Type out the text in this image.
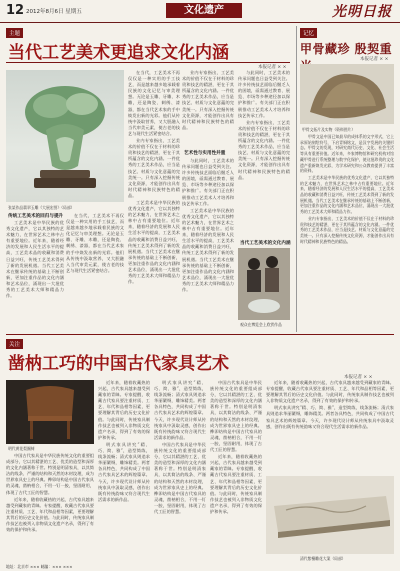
12 2012年8月6日 星期五	文化遗产	光明日报
主题
当代工艺美术更追求文化内涵
本报记者 × ×
张某作品翡翠玉雕《大展宏图》（局部）
传统工艺美术的回归与提升

工艺美术是中华民族的优秀文化遗产，它以其独特的艺术魅力，在世界艺术之林中占有重要地位。近年来，随着经济的发展和人民生活水平的提高，工艺美术品的收藏和消费日益兴旺，传统工艺美术得到了新的发展机遇。当代工艺美术在继承传统的基础上不断创新，更加注重作品的文化内涵和艺术品位，涌现出一大批优秀的工艺美术大师和精品力作。

在当代，工艺美术不再仅仅是一种实用的手工技艺，而是越来越多地承载着民族的文化记忆与审美理想。无论是玉雕、牙雕、木雕，还是陶瓷、刺绣、漆器，都在当代艺术家的手中焕发出新的光彩。他们从传统中汲取营养，又大胆融入当代审美元素，使古老的技艺与现代生活紧密结合。

在当代，工艺美术不再仅仅是一种实用的手工技艺，而是越来越多地承载着民族的文化记忆与审美理想。无论是玉雕、牙雕、木雕，还是陶瓷、刺绣、漆器，都在当代艺术家的手中焕发出新的光彩。他们从传统中汲取营养，又大胆融入当代审美元素，使古老的技艺与现代生活紧密结合。

业内专家指出，工艺美术的价值不仅在于材料的珍贵和技艺的精湛，更在于其所蕴含的文化内涵。一件优秀的工艺美术作品，应当是技艺、材质与文化意蕴的完美统一。只有深入挖掘传统文化资源，才能创作出具有时代精神和民族特色的精品。

工艺美术是中华民族的优秀文化遗产，它以其独特的艺术魅力，在世界艺术之林中占有重要地位。近年来，随着经济的发展和人民生活水平的提高，工艺美术品的收藏和消费日益兴旺，传统工艺美术得到了新的发展机遇。当代工艺美术在继承传统的基础上不断创新，更加注重作品的文化内涵和艺术品位，涌现出一大批优秀的工艺美术大师和精品力作。

艺术性与实用性并重

业内专家指出，工艺美术的价值不仅在于材料的珍贵和技艺的精湛，更在于其所蕴含的文化内涵。一件优秀的工艺美术作品，应当是技艺、材质与文化意蕴的完美统一。只有深入挖掘传统文化资源，才能创作出具有时代精神和民族特色的精品。

与此同时，工艺美术的传承问题也日益受到关注。许多传统技艺面临后继乏人的困境，亟需通过教育、展览、市场等多种途径加以保护和推广。有关部门正在积极推动工艺美术人才培养和技艺传承工作。

工艺美术是中华民族的优秀文化遗产，它以其独特的艺术魅力，在世界艺术之林中占有重要地位。近年来，随着经济的发展和人民生活水平的提高，工艺美术品的收藏和消费日益兴旺，传统工艺美术得到了新的发展机遇。当代工艺美术在继承传统的基础上不断创新，更加注重作品的文化内涵和艺术品位，涌现出一大批优秀的工艺美术大师和精品力作。

与此同时，工艺美术的传承问题也日益受到关注。许多传统技艺面临后继乏人的困境，亟需通过教育、展览、市场等多种途径加以保护和推广。有关部门正在积极推动工艺美术人才培养和技艺传承工作。

业内专家指出，工艺美术的价值不仅在于材料的珍贵和技艺的精湛，更在于其所蕴含的文化内涵。一件优秀的工艺美术作品，应当是技艺、材质与文化意蕴的完美统一。只有深入挖掘传统文化资源，才能创作出具有时代精神和民族特色的精品。

当代工艺美术的文化内涵
观众在博览会上欣赏作品
记忆
甲骨藏珍 殷契重
本报记者 × ×
甲骨文拓片及实物（资料图片）

甲骨文是中国已知最早的成体系的文字形式，它上承原始刻绘符号，下启青铜铭文，是汉字发展的关键形态。甲骨文的发现，对研究商代历史、文化、社会生活等具有重要价值。近年来，多家博物馆和研究机构对馆藏甲骨进行系统整理与数字化保护，使这批珍贵的文化遗产重新焕发光彩，为学术研究和公众教育提供了丰富的资料。

工艺美术是中华民族的优秀文化遗产，它以其独特的艺术魅力，在世界艺术之林中占有重要地位。近年来，随着经济的发展和人民生活水平的提高，工艺美术品的收藏和消费日益兴旺，传统工艺美术得到了新的发展机遇。当代工艺美术在继承传统的基础上不断创新，更加注重作品的文化内涵和艺术品位，涌现出一大批优秀的工艺美术大师和精品力作。

业内专家指出，工艺美术的价值不仅在于材料的珍贵和技艺的精湛，更在于其所蕴含的文化内涵。一件优秀的工艺美术作品，应当是技艺、材质与文化意蕴的完美统一。只有深入挖掘传统文化资源，才能创作出具有时代精神和民族特色的精品。

关注
凿枘工巧的中国古代家具艺术
本报记者 × ×
明代黄花梨圈椅

中国古代家具是中华民族传统文化的重要组成部分，它以其精湛的工艺、优美的造型和深厚的文化内涵著称于世。特别是明清家具，以其简洁的线条、严谨的结构和天然的木材纹理，成为世界家具史上的经典。榫卯结构是中国古代家具的灵魂，凿枘相合，不用一钉一胶，坚固耐用，体现了古代工匠的智慧。

近年来，随着收藏热的兴起，古代家具越来越受到藏家的青睐。专家提醒，收藏古代家具要注重材质、工艺、年代和品相等因素，更要理解其背后的历史文化价值。与此同时，传统家具制作技艺也被列入非物质文化遗产名录，得到了有效的保护和传承。

近年来，随着收藏热的兴起，古代家具越来越受到藏家的青睐。专家提醒，收藏古代家具要注重材质、工艺、年代和品相等因素，更要理解其背后的历史文化价值。与此同时，传统家具制作技艺也被列入非物质文化遗产名录，得到了有效的保护和传承。

明式家具讲究“精、巧、简、雅”，造型简练，线条流畅；清式家具则追求华丽繁缛，雕饰精美。两者各具特色，共同构成了中国古代家具艺术的辉煌篇章。今天，许多现代设计师从传统家具中汲取灵感，创作出既有传统韵味又符合现代生活需求的新作品。

明式家具讲究“精、巧、简、雅”，造型简练，线条流畅；清式家具则追求华丽繁缛，雕饰精美。两者各具特色，共同构成了中国古代家具艺术的辉煌篇章。今天，许多现代设计师从传统家具中汲取灵感，创作出既有传统韵味又符合现代生活需求的新作品。

中国古代家具是中华民族传统文化的重要组成部分，它以其精湛的工艺、优美的造型和深厚的文化内涵著称于世。特别是明清家具，以其简洁的线条、严谨的结构和天然的木材纹理，成为世界家具史上的经典。榫卯结构是中国古代家具的灵魂，凿枘相合，不用一钉一胶，坚固耐用，体现了古代工匠的智慧。

中国古代家具是中华民族传统文化的重要组成部分，它以其精湛的工艺、优美的造型和深厚的文化内涵著称于世。特别是明清家具，以其简洁的线条、严谨的结构和天然的木材纹理，成为世界家具史上的经典。榫卯结构是中国古代家具的灵魂，凿枘相合，不用一钉一胶，坚固耐用，体现了古代工匠的智慧。

近年来，随着收藏热的兴起，古代家具越来越受到藏家的青睐。专家提醒，收藏古代家具要注重材质、工艺、年代和品相等因素，更要理解其背后的历史文化价值。与此同时，传统家具制作技艺也被列入非物质文化遗产名录，得到了有效的保护和传承。

近年来，随着收藏热的兴起，古代家具越来越受到藏家的青睐。专家提醒，收藏古代家具要注重材质、工艺、年代和品相等因素，更要理解其背后的历史文化价值。与此同时，传统家具制作技艺也被列入非物质文化遗产名录，得到了有效的保护和传承。

明式家具讲究“精、巧、简、雅”，造型简练，线条流畅；清式家具则追求华丽繁缛，雕饰精美。两者各具特色，共同构成了中国古代家具艺术的辉煌篇章。今天，许多现代设计师从传统家具中汲取灵感，创作出既有传统韵味又符合现代生活需求的新作品。

清代紫檀雕花大案（局部）
地址：北京市 ××× 邮编：××× ×××
